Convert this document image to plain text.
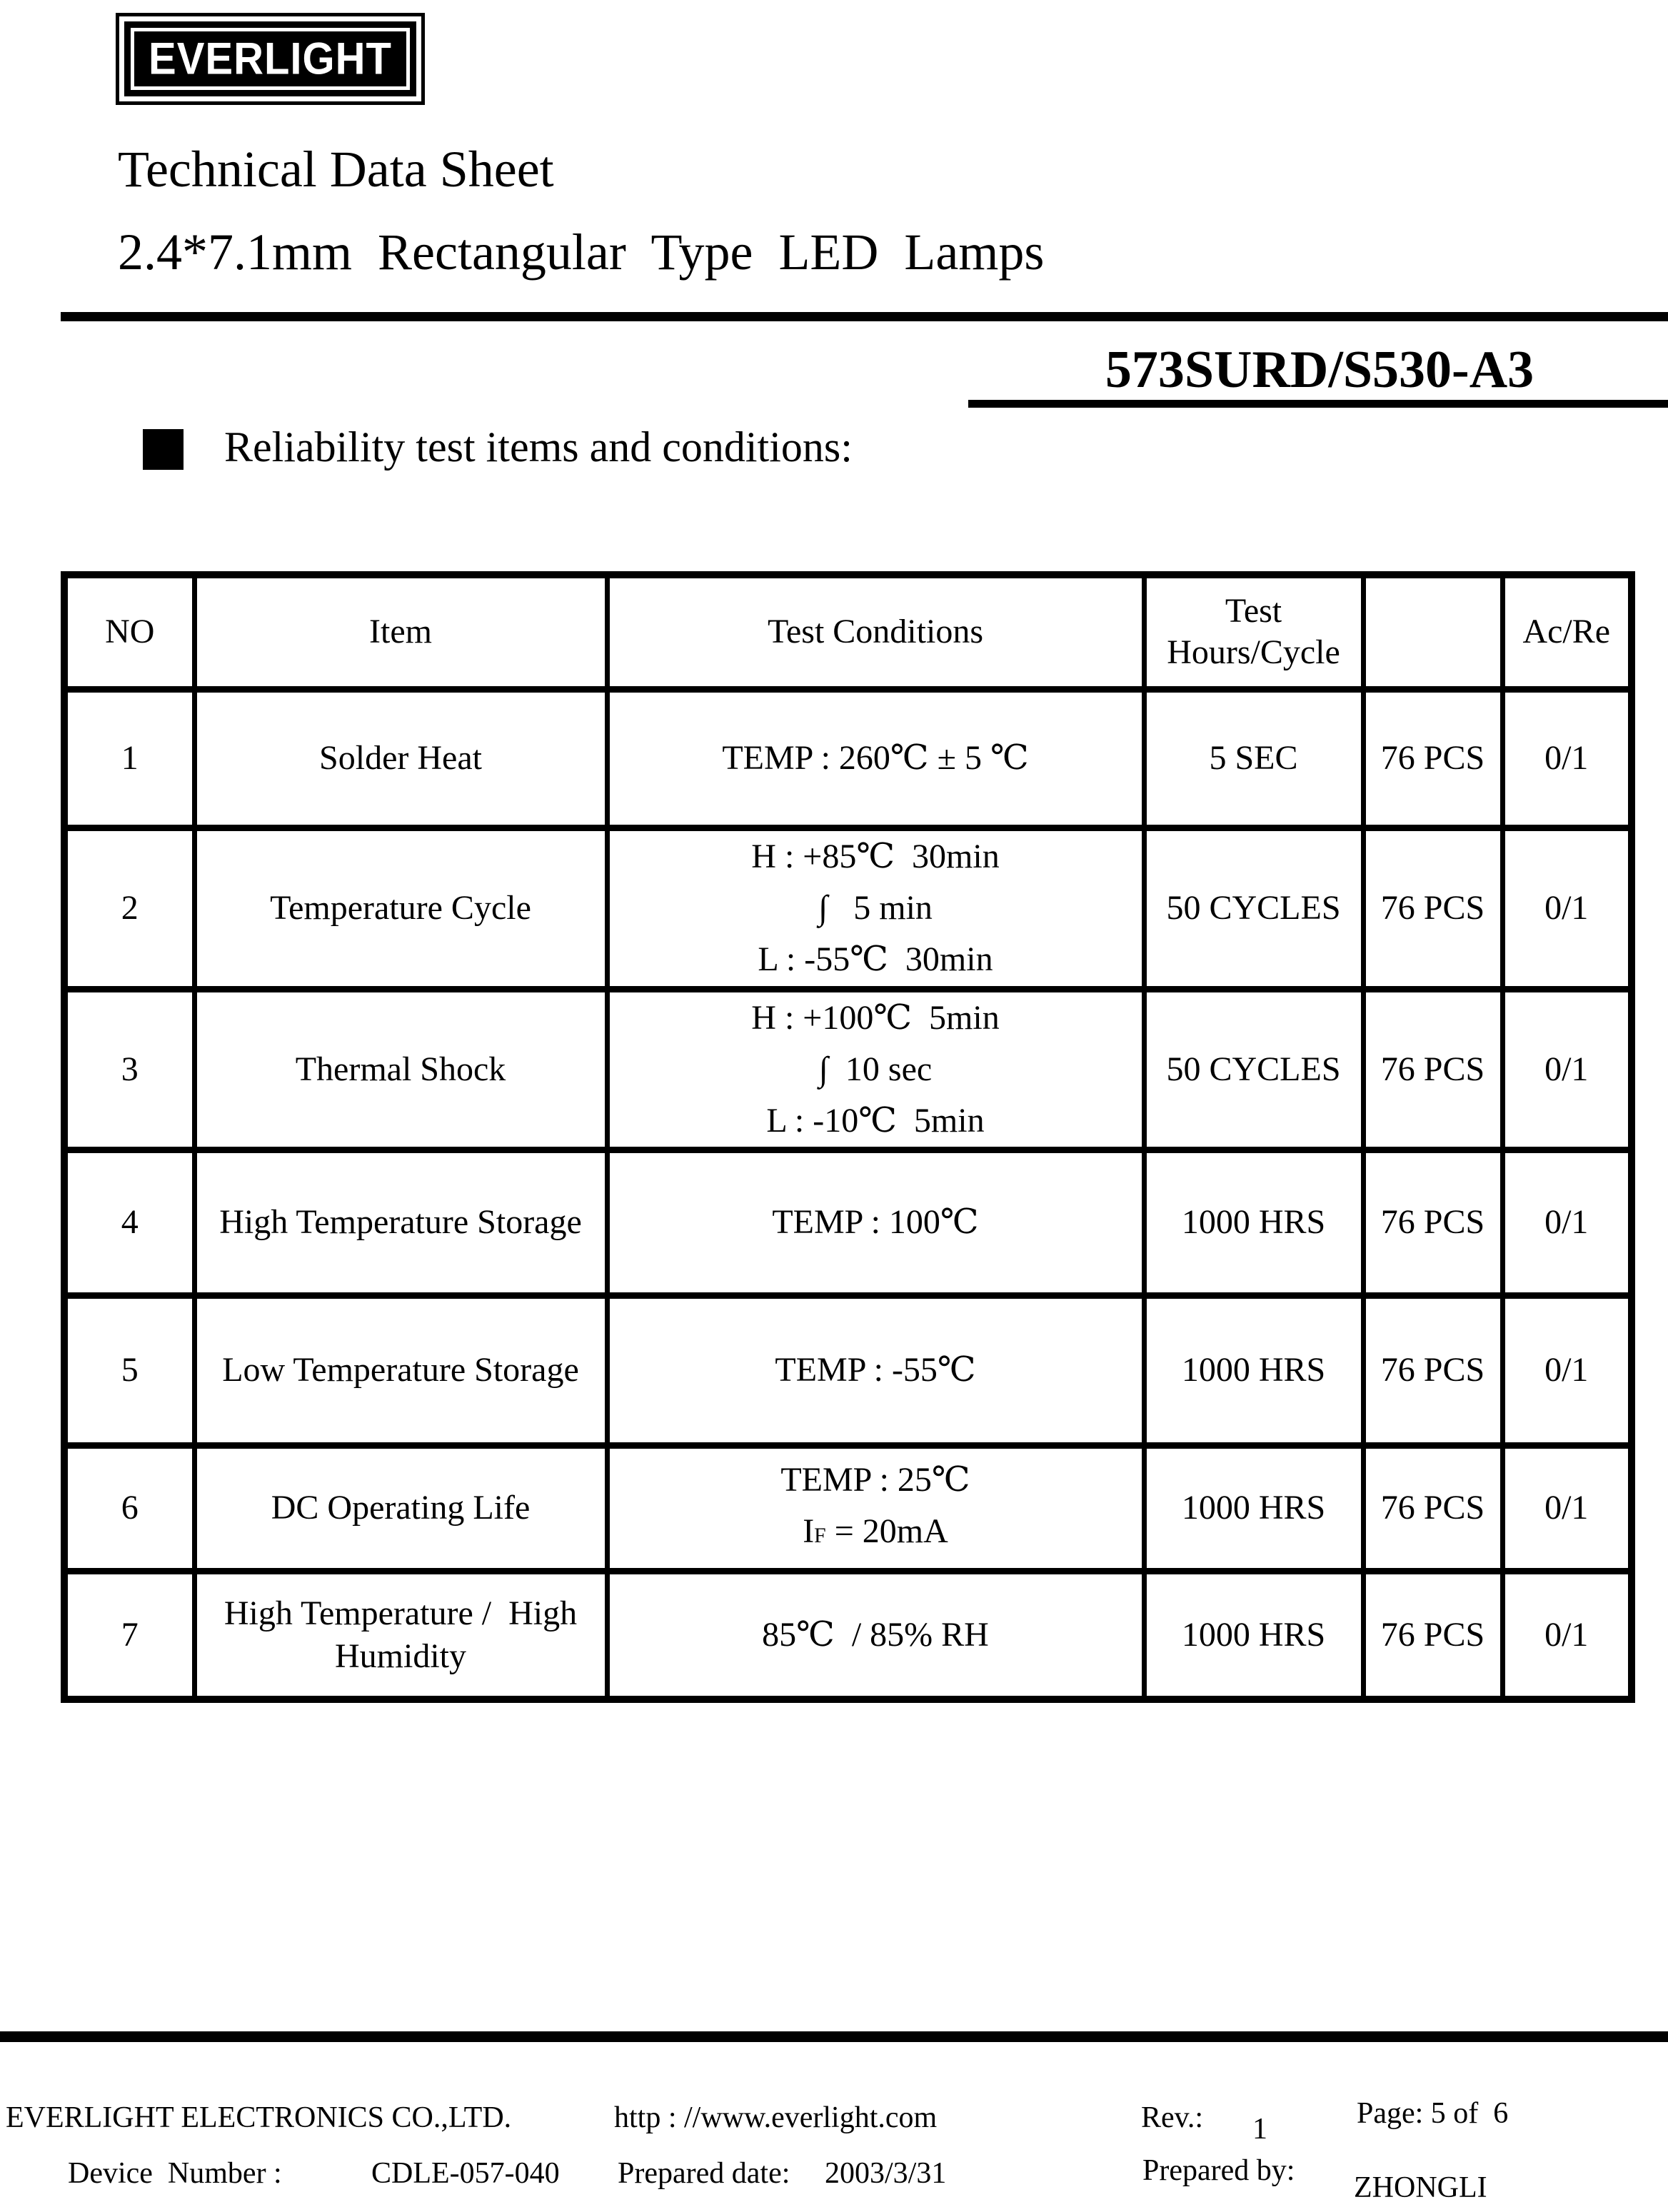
EVERLIGHT
Technical Data Sheet
2.4*7.1mm  Rectangular  Type  LED  Lamps
573SURD/S530-A3
Reliability test items and conditions:
NO	Item	Test Conditions	Test
Hours/Cycle		Ac/Re

1	Solder Heat	TEMP : 260℃ ± 5 ℃	5 SEC	76 PCS	0/1

2	Temperature Cycle	H : +85℃  30min
∫   5 min
L : -55℃  30min	50 CYCLES	76 PCS	0/1

3	Thermal Shock	H : +100℃  5min
∫  10 sec
L : -10℃  5min	50 CYCLES	76 PCS	0/1

4	High Temperature Storage	TEMP : 100℃	1000 HRS	76 PCS	0/1

5	Low Temperature Storage	TEMP : -55℃	1000 HRS	76 PCS	0/1

6	DC Operating Life	TEMP : 25℃
IF = 20mA	1000 HRS	76 PCS	0/1

7	High Temperature /  High
Humidity	85℃  / 85% RH	1000 HRS	76 PCS	0/1
EVERLIGHT ELECTRONICS CO.,LTD.	http : //www.everlight.com	Rev.: 1	Page: 5 of  6
Device  Number :	CDLE-057-040 Prepared date: 2003/3/31	Prepared by:
ZHONGLI
